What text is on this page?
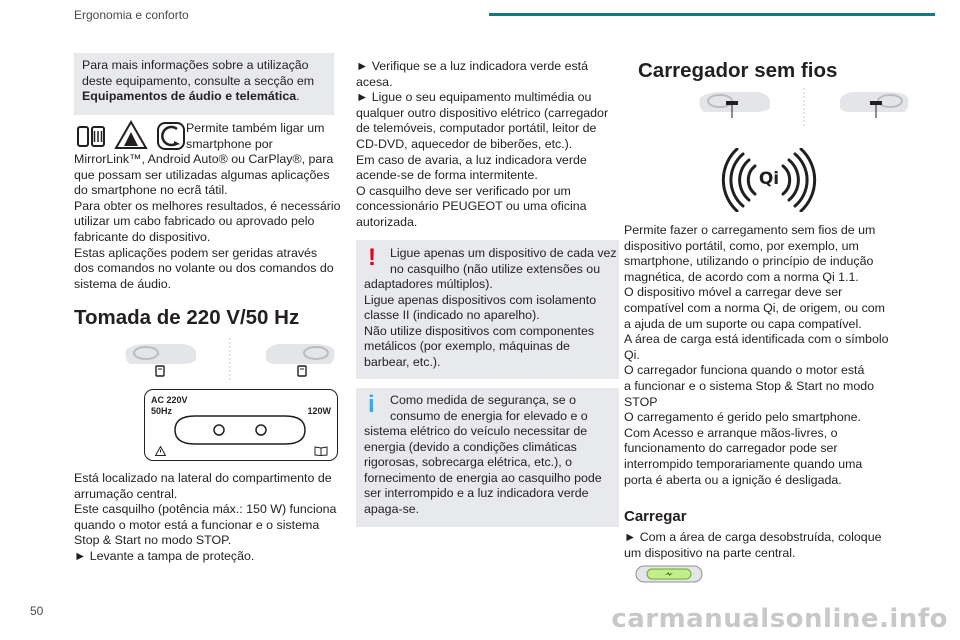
Ergonomia e conforto
Para mais informações sobre a utilização
deste equipamento, consulte a secção em
Equipamentos de áudio e telemática.
Permite também ligar um
smartphone por
MirrorLink™, Android Auto® ou CarPlay®, para
que possam ser utilizadas algumas aplicações
do smartphone no ecrã tátil.
Para obter os melhores resultados, é necessário
utilizar um cabo fabricado ou aprovado pelo
fabricante do dispositivo.
Estas aplicações podem ser geridas através
dos comandos no volante ou dos comandos do
sistema de áudio.
Tomada de 220 V/50 Hz
AC 220V
50Hz	120W
Está localizado na lateral do compartimento de
arrumação central.
Este casquilho (potência máx.: 150 W) funciona
quando o motor está a funcionar e o sistema
Stop & Start no modo STOP.
► Levante a tampa de proteção.
► Verifique se a luz indicadora verde está
acesa.
► Ligue o seu equipamento multimédia ou
qualquer outro dispositivo elétrico (carregador
de telemóveis, computador portátil, leitor de
CD-DVD, aquecedor de biberões, etc.).
Em caso de avaria, a luz indicadora verde
acende-se de forma intermitente.
O casquilho deve ser verificado por um
concessionário PEUGEOT ou uma oficina
autorizada.
! Ligue apenas um dispositivo de cada vez
no casquilho (não utilize extensões ou
adaptadores múltiplos).
Ligue apenas dispositivos com isolamento
classe II (indicado no aparelho).
Não utilize dispositivos com componentes
metálicos (por exemplo, máquinas de
barbear, etc.).
i Como medida de segurança, se o
consumo de energia for elevado e o
sistema elétrico do veículo necessitar de
energia (devido a condições climáticas
rigorosas, sobrecarga elétrica, etc.), o
fornecimento de energia ao casquilho pode
ser interrompido e a luz indicadora verde
apaga-se.
Carregador sem fios
Qi
Permite fazer o carregamento sem fios de um
dispositivo portátil, como, por exemplo, um
smartphone, utilizando o princípio de indução
magnética, de acordo com a norma Qi 1.1.
O dispositivo móvel a carregar deve ser
compatível com a norma Qi, de origem, ou com
a ajuda de um suporte ou capa compatível.
A área de carga está identificada com o símbolo
Qi.
O carregador funciona quando o motor está
a funcionar e o sistema Stop & Start no modo
STOP
O carregamento é gerido pelo smartphone.
Com Acesso e arranque mãos-livres, o
funcionamento do carregador pode ser
interrompido temporariamente quando uma
porta é aberta ou a ignição é desligada.
Carregar
► Com a área de carga desobstruída, coloque
um dispositivo na parte central.
50	carmanualsonline.info
